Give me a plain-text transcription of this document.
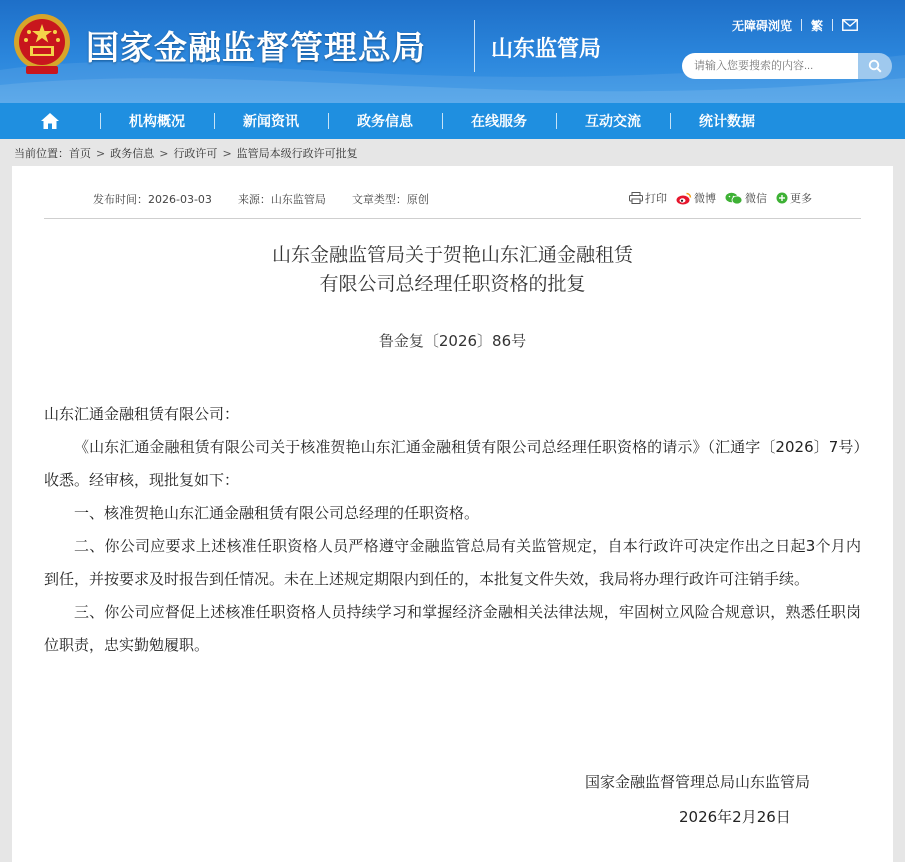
国家金融监督管理总局	山东监管局
无障碍浏览 繁
请输入您要搜索的内容...
机构概况	新闻资讯	政务信息	在线服务	互动交流	统计数据
当前位置： 首页 > 政务信息 > 行政许可 > 监管局本级行政许可批复
发布时间：2026-03-03 来源：山东监管局 文章类型：原创	打印 微博	微信 更多
山东金融监管局关于贺艳山东汇通金融租赁
有限公司总经理任职资格的批复
鲁金复〔2026〕86号

山东汇通金融租赁有限公司：

《山东汇通金融租赁有限公司关于核准贺艳山东汇通金融租赁有限公司总经理任职资格的请示》（汇通字〔2026〕7号）收悉。经审核，现批复如下：

一、核准贺艳山东汇通金融租赁有限公司总经理的任职资格。

二、你公司应要求上述核准任职资格人员严格遵守金融监管总局有关监管规定，自本行政许可决定作出之日起3个月内到任，并按要求及时报告到任情况。未在上述规定期限内到任的，本批复文件失效，我局将办理行政许可注销手续。

三、你公司应督促上述核准任职资格人员持续学习和掌握经济金融相关法律法规，牢固树立风险合规意识，熟悉任职岗位职责，忠实勤勉履职。

国家金融监督管理总局山东监管局
2026年2月26日
